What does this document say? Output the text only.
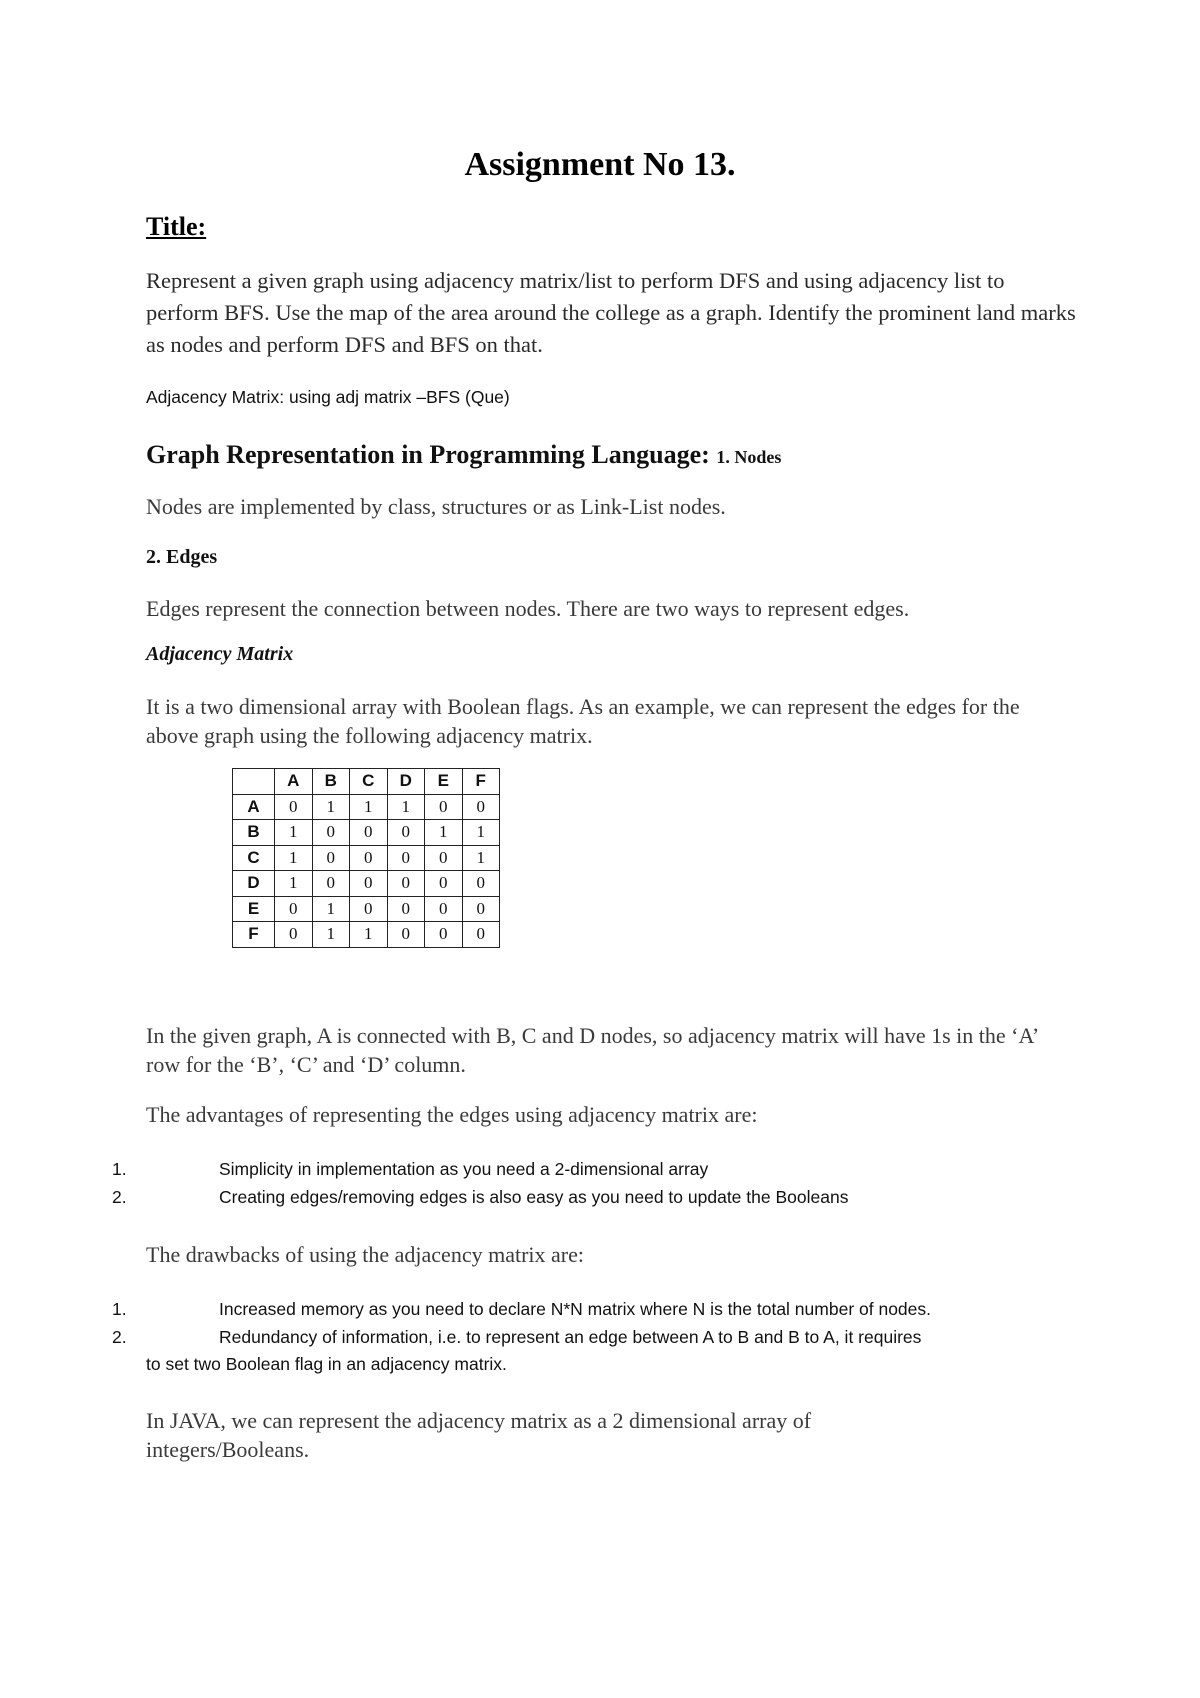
Assignment No 13.
Title:

Represent a given graph using adjacency matrix/list to perform DFS and using adjacency list to perform BFS. Use the map of the area around the college as a graph. Identify the prominent land marks as nodes and perform DFS and BFS on that.

Adjacency Matrix: using adj matrix –BFS (Que)
Graph Representation in Programming Language: 1. Nodes

Nodes are implemented by class, structures or as Link-List nodes.

2. Edges

Edges represent the connection between nodes. There are two ways to represent edges.

Adjacency Matrix

It is a two dimensional array with Boolean flags. As an example, we can represent the edges for the above graph using the following adjacency matrix.

	A	B	C	D	E	F
A	0	1	1	1	0	0
B	1	0	0	0	1	1
C	1	0	0	0	0	1
D	1	0	0	0	0	0
E	0	1	0	0	0	0
F	0	1	1	0	0	0

In the given graph, A is connected with B, C and D nodes, so adjacency matrix will have 1s in the ‘A’ row for the ‘B’, ‘C’ and ‘D’ column.

The advantages of representing the edges using adjacency matrix are:

1.	Simplicity in implementation as you need a 2-dimensional array
2.	Creating edges/removing edges is also easy as you need to update the Booleans

The drawbacks of using the adjacency matrix are:

1.	Increased memory as you need to declare N*N matrix where N is the total number of nodes.
2.	Redundancy of information, i.e. to represent an edge between A to B and B to A, it requires
to set two Boolean flag in an adjacency matrix.

In JAVA, we can represent the adjacency matrix as a 2 dimensional array of integers/Booleans.
